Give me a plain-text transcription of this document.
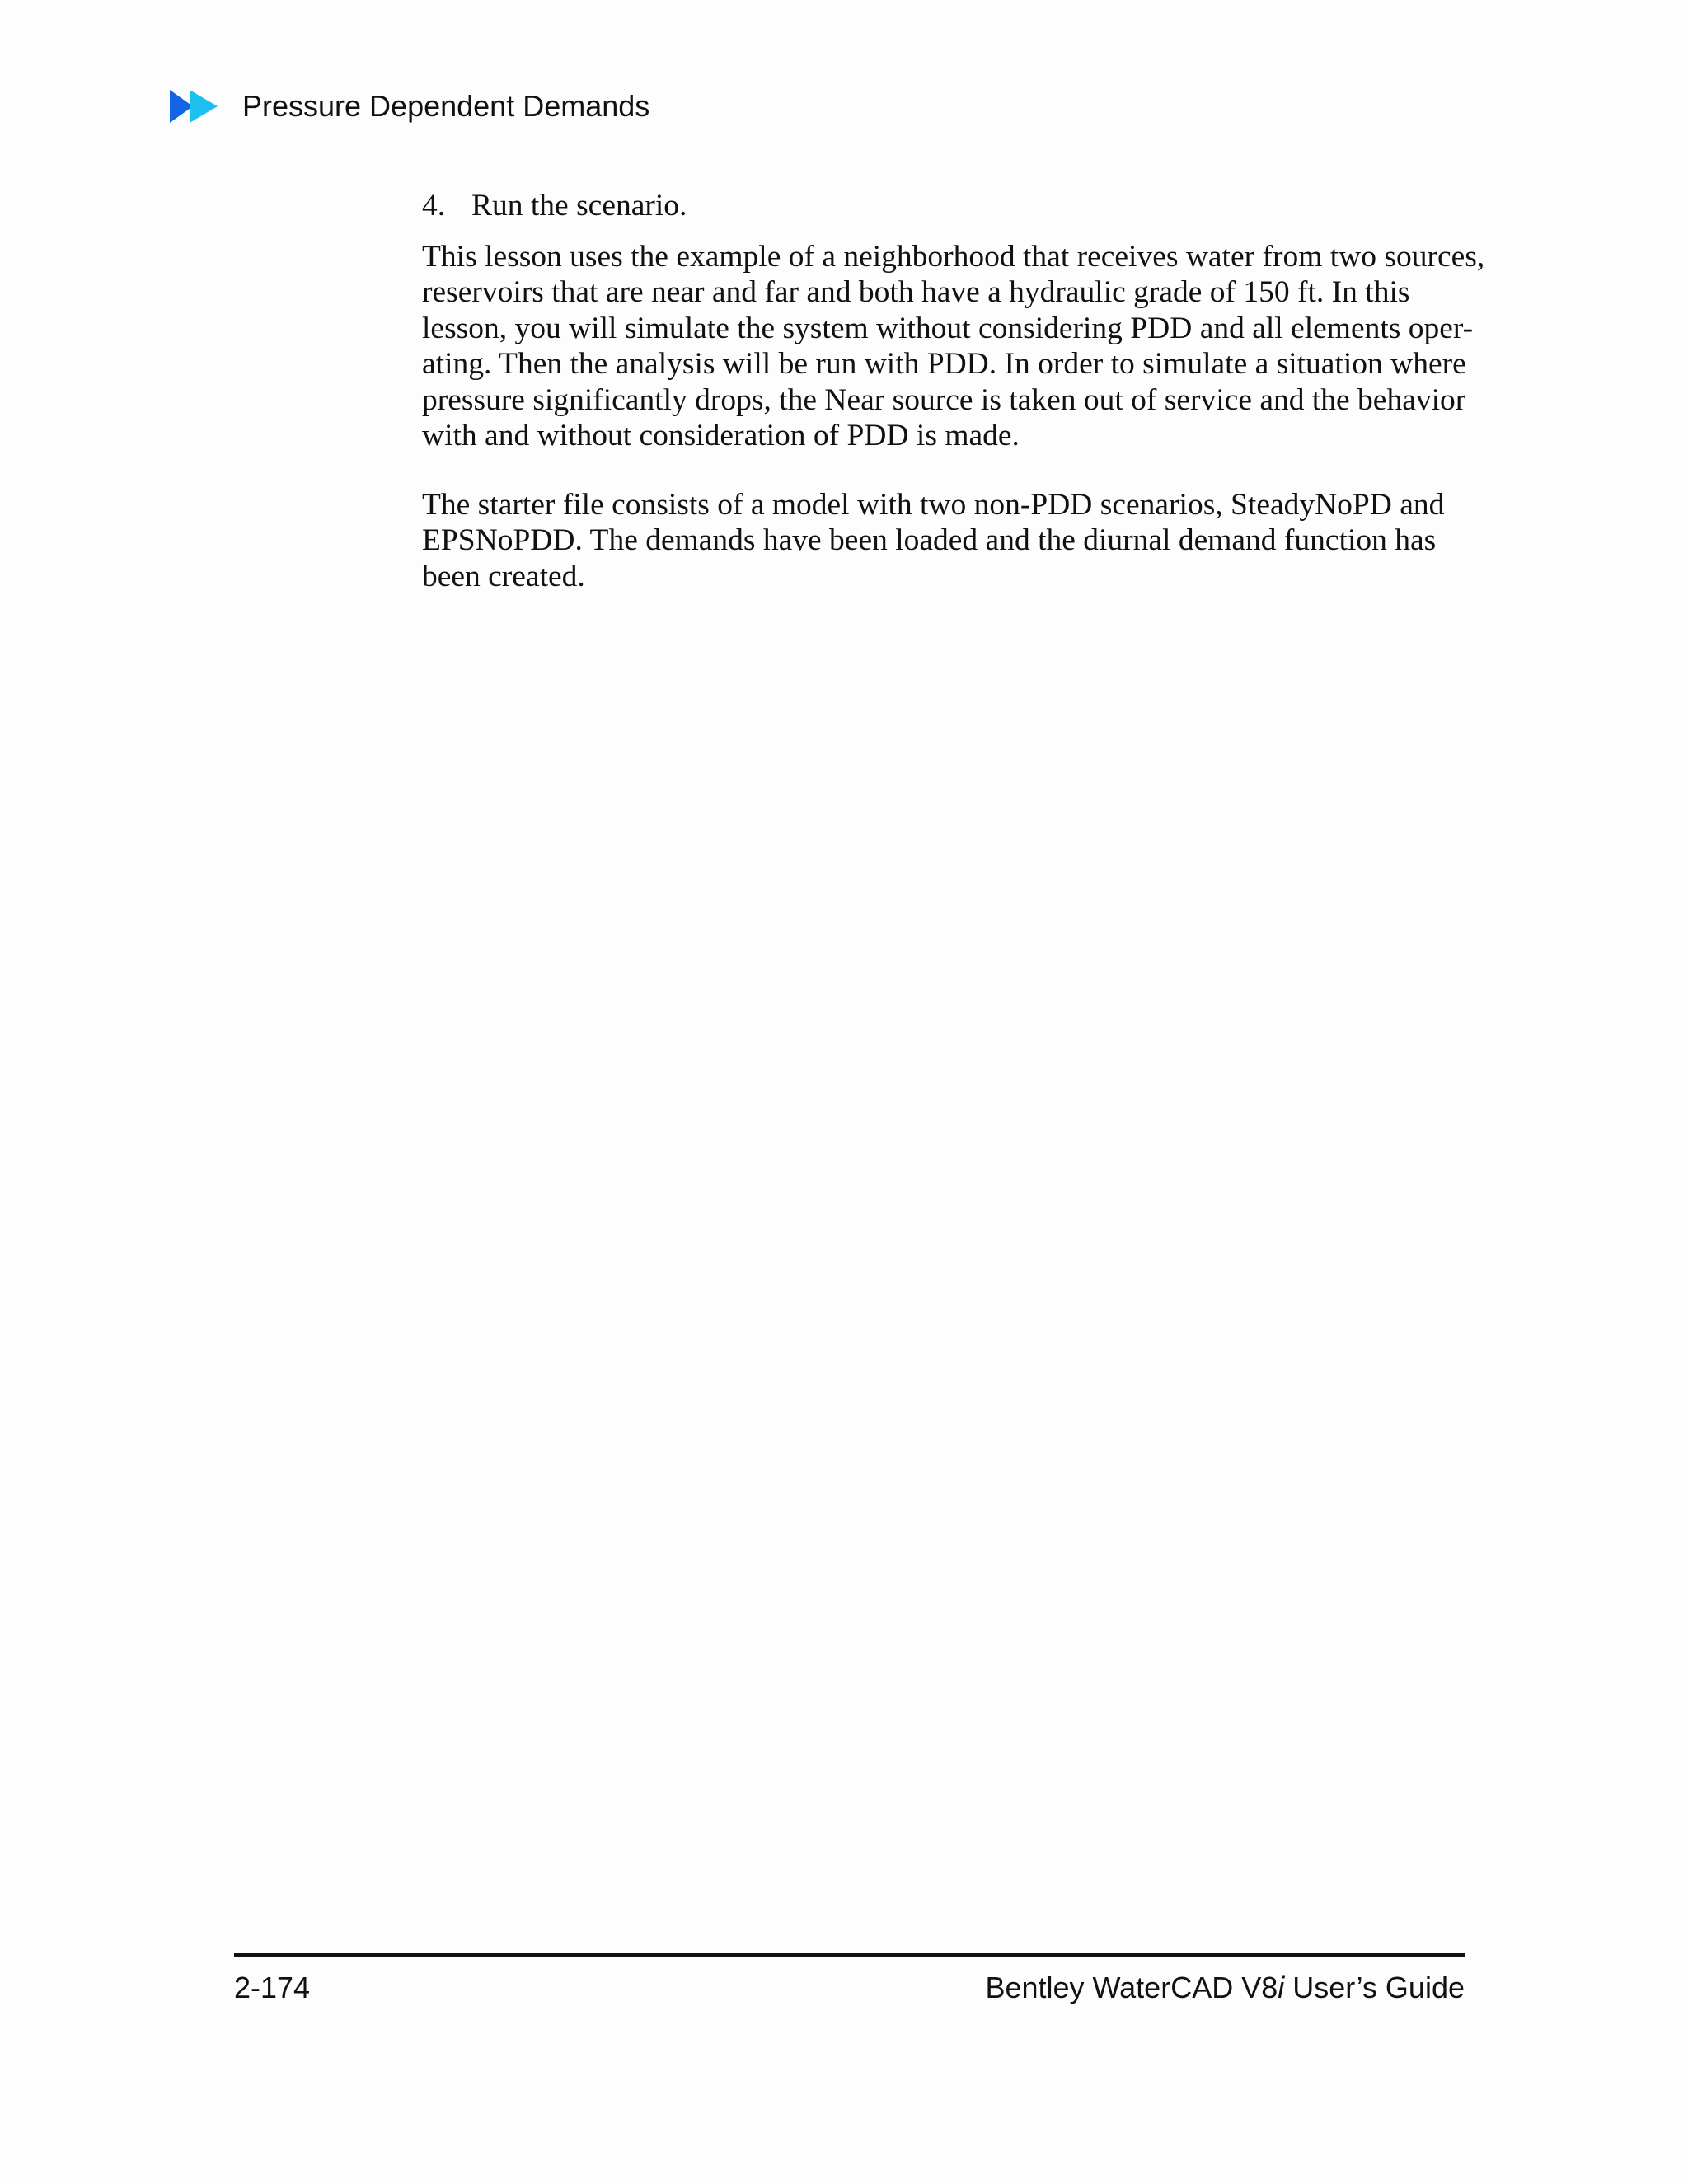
Pressure Dependent Demands
4. Run the scenario.

This lesson uses the example of a neighborhood that receives water from two sources,
reservoirs that are near and far and both have a hydraulic grade of 150 ft. In this
lesson, you will simulate the system without considering PDD and all elements oper-
ating. Then the analysis will be run with PDD. In order to simulate a situation where
pressure significantly drops, the Near source is taken out of service and the behavior
with and without consideration of PDD is made.

The starter file consists of a model with two non-PDD scenarios, SteadyNoPD and
EPSNoPDD. The demands have been loaded and the diurnal demand function has
been created.

2-174	Bentley WaterCAD V8i User’s Guide
